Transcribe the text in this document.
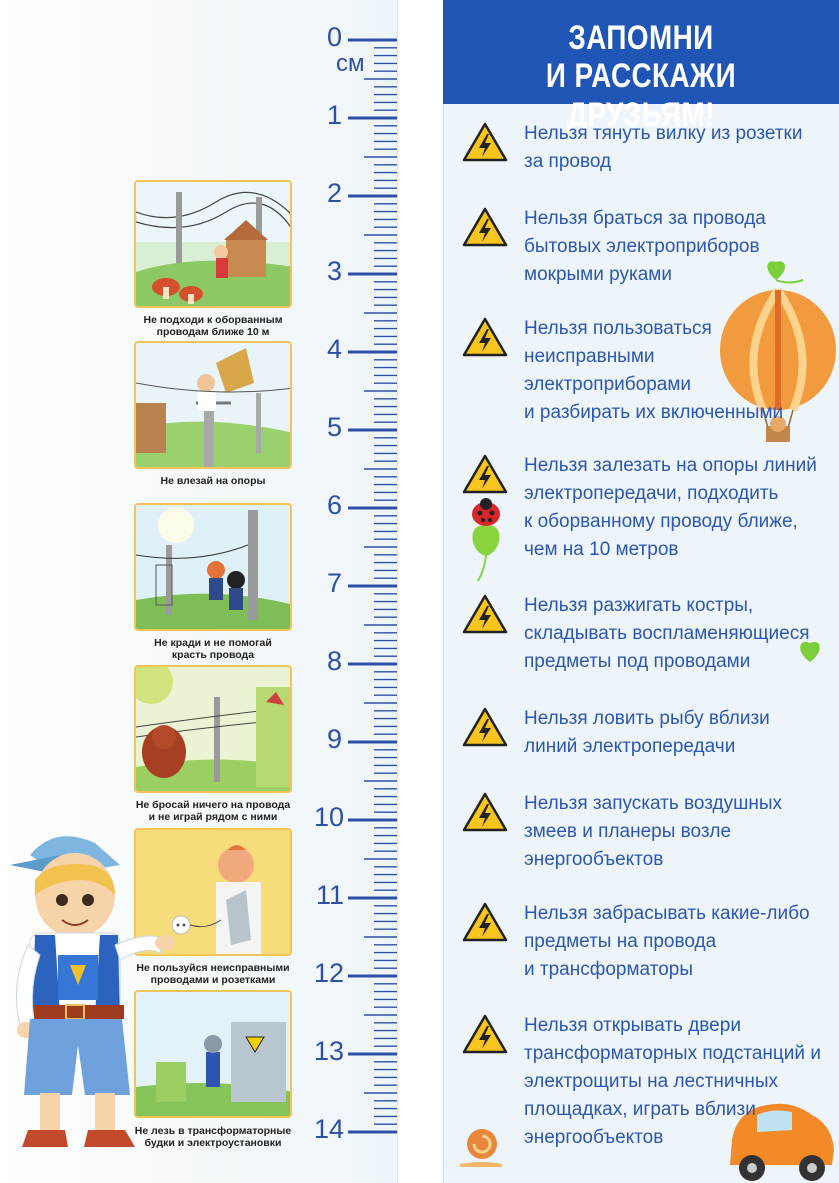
см
Не подходи к оборванным
проводам ближе 10 м
Не влезай на опоры
Не кради и не помогай
красть провода
Не бросай ничего на провода
и не играй рядом с ними
Не пользуйся неисправными
проводами и розетками
Не лезь в трансформаторные
будки и электроустановки
0
1
2
3
4
5
6
7
8
9
10
11
12
13
14
ЗАПОМНИ
И РАССКАЖИ ДРУЗЬЯМ!
Нельзя тянуть вилку из розетки
за провод
Нельзя браться за провода
бытовых электроприборов
мокрыми руками
Нельзя пользоваться
неисправными
электроприборами
и разбирать их включенными
Нельзя залезать на опоры линий
электропередачи, подходить
к оборванному проводу ближе,
чем на 10 метров
Нельзя разжигать костры,
складывать воспламеняющиеся
предметы под проводами
Нельзя ловить рыбу вблизи
линий электропередачи
Нельзя запускать воздушных
змеев и планеры возле
энергообъектов
Нельзя забрасывать какие-либо
предметы на провода
и трансформаторы
Нельзя открывать двери
трансформаторных подстанций и
электрощиты на лестничных
площадках, играть вблизи
энергообъектов
